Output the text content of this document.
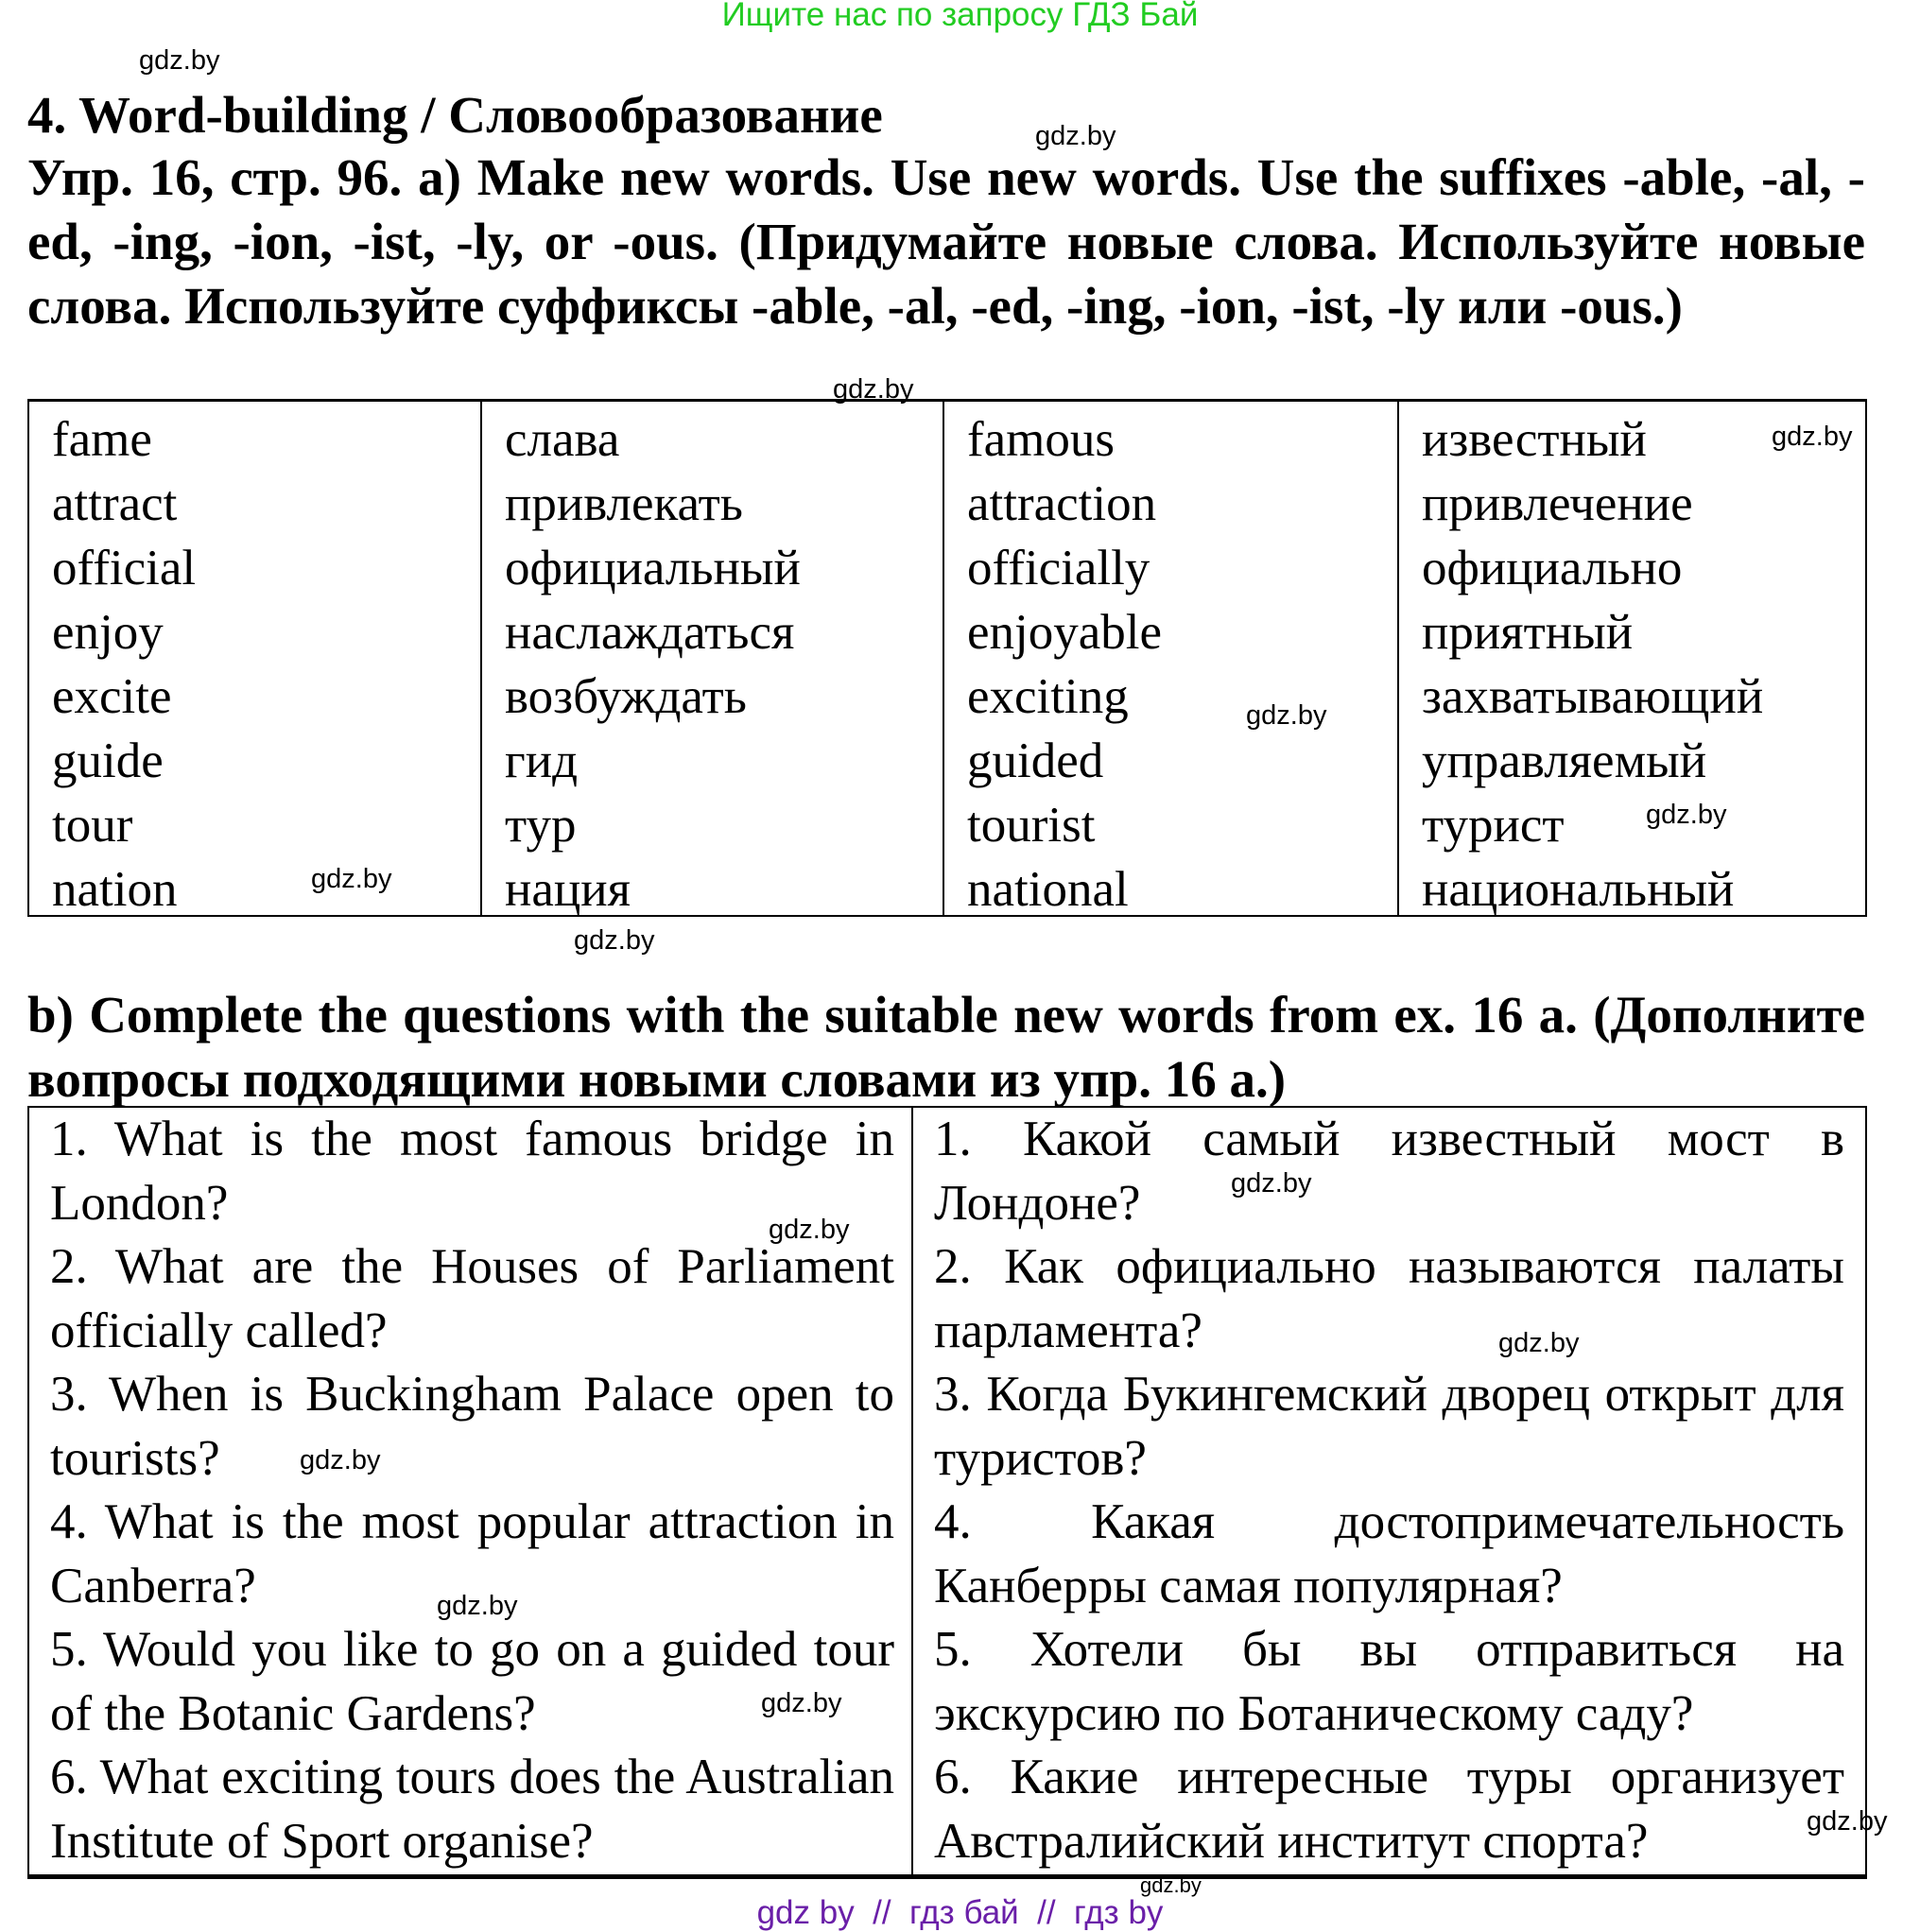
Ищите нас по запросу ГДЗ Бай
4. Word-building / Словообразование
Упр. 16, стр. 96. a) Make new words. Use new words. Use the suffixes -able, -al, -ed, -ing, -ion, -ist, -ly, or -ous. (Придумайте новые слова. Используйте новые слова. Используйте суффиксы -able, -al, -ed, -ing, -ion, -ist, -ly или -ous.)
fame
attract
official
enjoy
excite
guide
tour
nation
слава
привлекать
официальный
наслаждаться
возбуждать
гид
тур
нация
famous
attraction
officially
enjoyable
exciting
guided
tourist
national
известный
привлечение
официально
приятный
захватывающий
управляемый
турист
национальный
b) Complete the questions with the suitable new words from ex. 16 a. (Дополните вопросы подходящими новыми словами из упр. 16 а.)

1. What is the most famous bridge in London?

2. What are the Houses of Parliament officially called?

3. When is Buckingham Palace open to tourists?

4. What is the most popular attraction in Canberra?

5. Would you like to go on a guided tour of the Botanic Gardens?

6. What exciting tours does the Australian Institute of Sport organise?

1. Какой самый известный мост в Лондоне?

2. Как официально называются палаты парламента?

3. Когда Букингемский дворец открыт для туристов?

4. Какая достопримечательность Канберры самая популярная?

5. Хотели бы вы отправиться на экскурсию по Ботаническому саду?

6. Какие интересные туры организует Австралийский институт спорта?

gdz.by
gdz.by
gdz.by
gdz.by
gdz.by
gdz.by
gdz.by
gdz.by
gdz.by
gdz.by
gdz.by
gdz.by
gdz.by
gdz.by
gdz.by
gdz.by
gdz by  //  гдз бай  //  гдз by
